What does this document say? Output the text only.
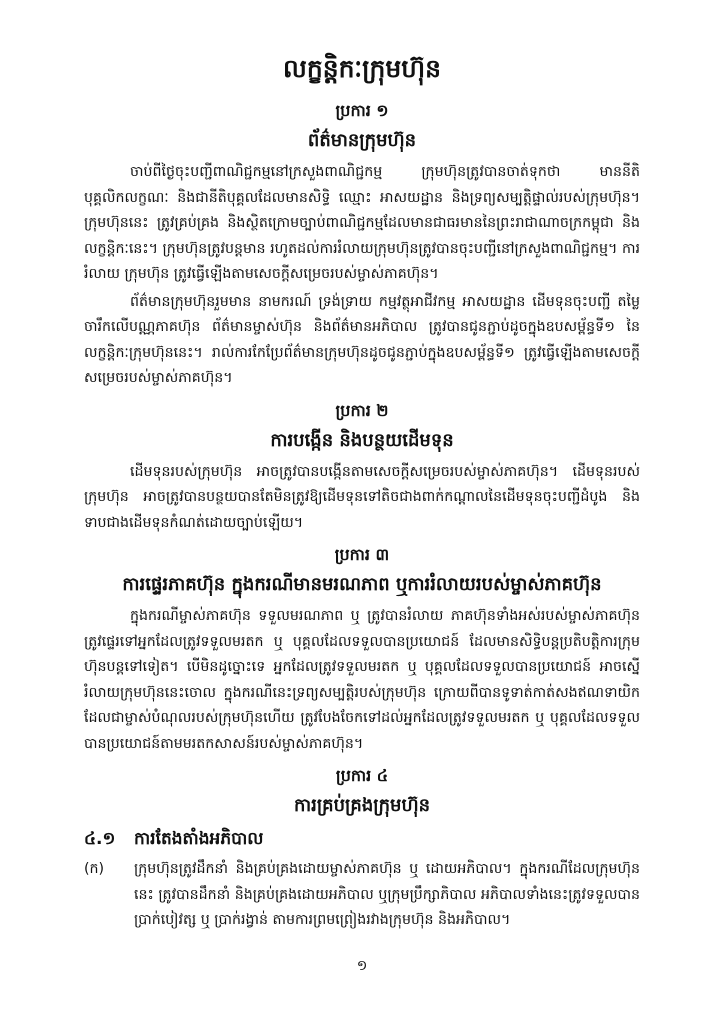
លក្ខន្តិកៈក្រុមហ៊ុន
ប្រការ ១
ព័ត៌មានក្រុមហ៊ុន

ចាប់ពីថ្ងៃចុះបញ្ជីពាណិជ្ជកម្មនៅក្រសួងពាណិជ្ជកម្ម ក្រុមហ៊ុនត្រូវបានចាត់ទុកថា មាននីតិបុគ្គលិកលក្ខណៈ និងជានីតិបុគ្គលដែលមានសិទ្ធិ ឈ្មោះ អាសយដ្ឋាន និងទ្រព្យសម្បត្តិផ្ទាល់របស់ក្រុមហ៊ុន។ ក្រុមហ៊ុននេះ ត្រូវគ្រប់គ្រង និងស្ថិតក្រោមច្បាប់ពាណិជ្ជកម្មដែលមានជាធរមាននៃព្រះរាជាណាចក្រកម្ពុជា និងលក្ខន្តិកៈនេះ។ ក្រុមហ៊ុនត្រូវបន្តមាន រហូតដល់ការរំលាយក្រុមហ៊ុនត្រូវបានចុះបញ្ជីនៅក្រសួងពាណិជ្ជកម្ម។ ការរំលាយ ក្រុមហ៊ុន ត្រូវធ្វើឡើងតាមសេចក្តីសម្រេចរបស់ម្ចាស់ភាគហ៊ុន។

ព័ត៌មានក្រុមហ៊ុនរួមមាន នាមករណ៍ ទ្រង់ទ្រាយ កម្មវត្ថុអាជីវកម្ម អាសយដ្ឋាន ដើមទុនចុះបញ្ជី តម្លៃចារឹកលើបណ្ណភាគហ៊ុន ព័ត៌មានម្ចាស់ហ៊ុន និងព័ត៌មានអភិបាល ត្រូវបានជូនភ្ជាប់ដូចក្នុងឧបសម្ព័ន្ធទី១ នៃលក្ខន្តិកៈក្រុមហ៊ុននេះ។ រាល់ការកែប្រែព័ត៌មានក្រុមហ៊ុនដូចជូនភ្ជាប់ក្នុងឧបសម្ព័ន្ធទី១ ត្រូវធ្វើឡើងតាមសេចក្តីសម្រេចរបស់ម្ចាស់ភាគហ៊ុន។

ប្រការ ២
ការបង្កើន និងបន្ថយដើមទុន

ដើមទុនរបស់ក្រុមហ៊ុន អាចត្រូវបានបង្កើនតាមសេចក្តីសម្រេចរបស់ម្ចាស់ភាគហ៊ុន។ ដើមទុនរបស់ក្រុមហ៊ុន អាចត្រូវបានបន្ថយបានតែមិនត្រូវឱ្យដើមទុនទៅតិចជាងពាក់កណ្តាលនៃដើមទុនចុះបញ្ជីដំបូង និងទាបជាងដើមទុនកំណត់ដោយច្បាប់ឡើយ។

ប្រការ ៣
ការផ្ទេរភាគហ៊ុន ក្នុងករណីមានមរណភាព ឬការរំលាយរបស់ម្ចាស់ភាគហ៊ុន

ក្នុងករណីម្ចាស់ភាគហ៊ុន ទទួលមរណភាព ឬ ត្រូវបានរំលាយ ភាគហ៊ុនទាំងអស់របស់ម្ចាស់ភាគហ៊ុនត្រូវផ្ទេរទៅអ្នកដែលត្រូវទទួលមរតក ឬ បុគ្គលដែលទទួលបានប្រយោជន៍ ដែលមានសិទ្ធិបន្តប្រតិបត្តិការក្រុមហ៊ុនបន្តទៅទៀត។ បើមិនដូច្នោះទេ អ្នកដែលត្រូវទទួលមរតក ឬ បុគ្គលដែលទទួលបានប្រយោជន៍ អាចស្នើរំលាយក្រុមហ៊ុននេះចោល ក្នុងករណីនេះទ្រព្យសម្បត្តិរបស់ក្រុមហ៊ុន ក្រោយពីបានទូទាត់កាត់សងឥណទាយិកដែលជាម្ចាស់បំណុលរបស់ក្រុមហ៊ុនហើយ ត្រូវបែងចែកទៅដល់អ្នកដែលត្រូវទទួលមរតក ឬ បុគ្គលដែលទទួលបានប្រយោជន៍តាមមរតកសាសន៍របស់ម្ចាស់ភាគហ៊ុន។

ប្រការ ៤
ការគ្រប់គ្រងក្រុមហ៊ុន
៤.១	ការតែងតាំងអភិបាល
(ក)	ក្រុមហ៊ុនត្រូវដឹកនាំ និងគ្រប់គ្រងដោយម្ចាស់ភាគហ៊ុន ឬ ដោយអភិបាល។ ក្នុងករណីដែលក្រុមហ៊ុននេះ ត្រូវបានដឹកនាំ និងគ្រប់គ្រងដោយអភិបាល ឬក្រុមប្រឹក្សាភិបាល អភិបាលទាំងនេះត្រូវទទួលបានប្រាក់បៀវត្ស ឬ ប្រាក់រង្វាន់ តាមការព្រមព្រៀងរវាងក្រុមហ៊ុន និងអភិបាល។
១
